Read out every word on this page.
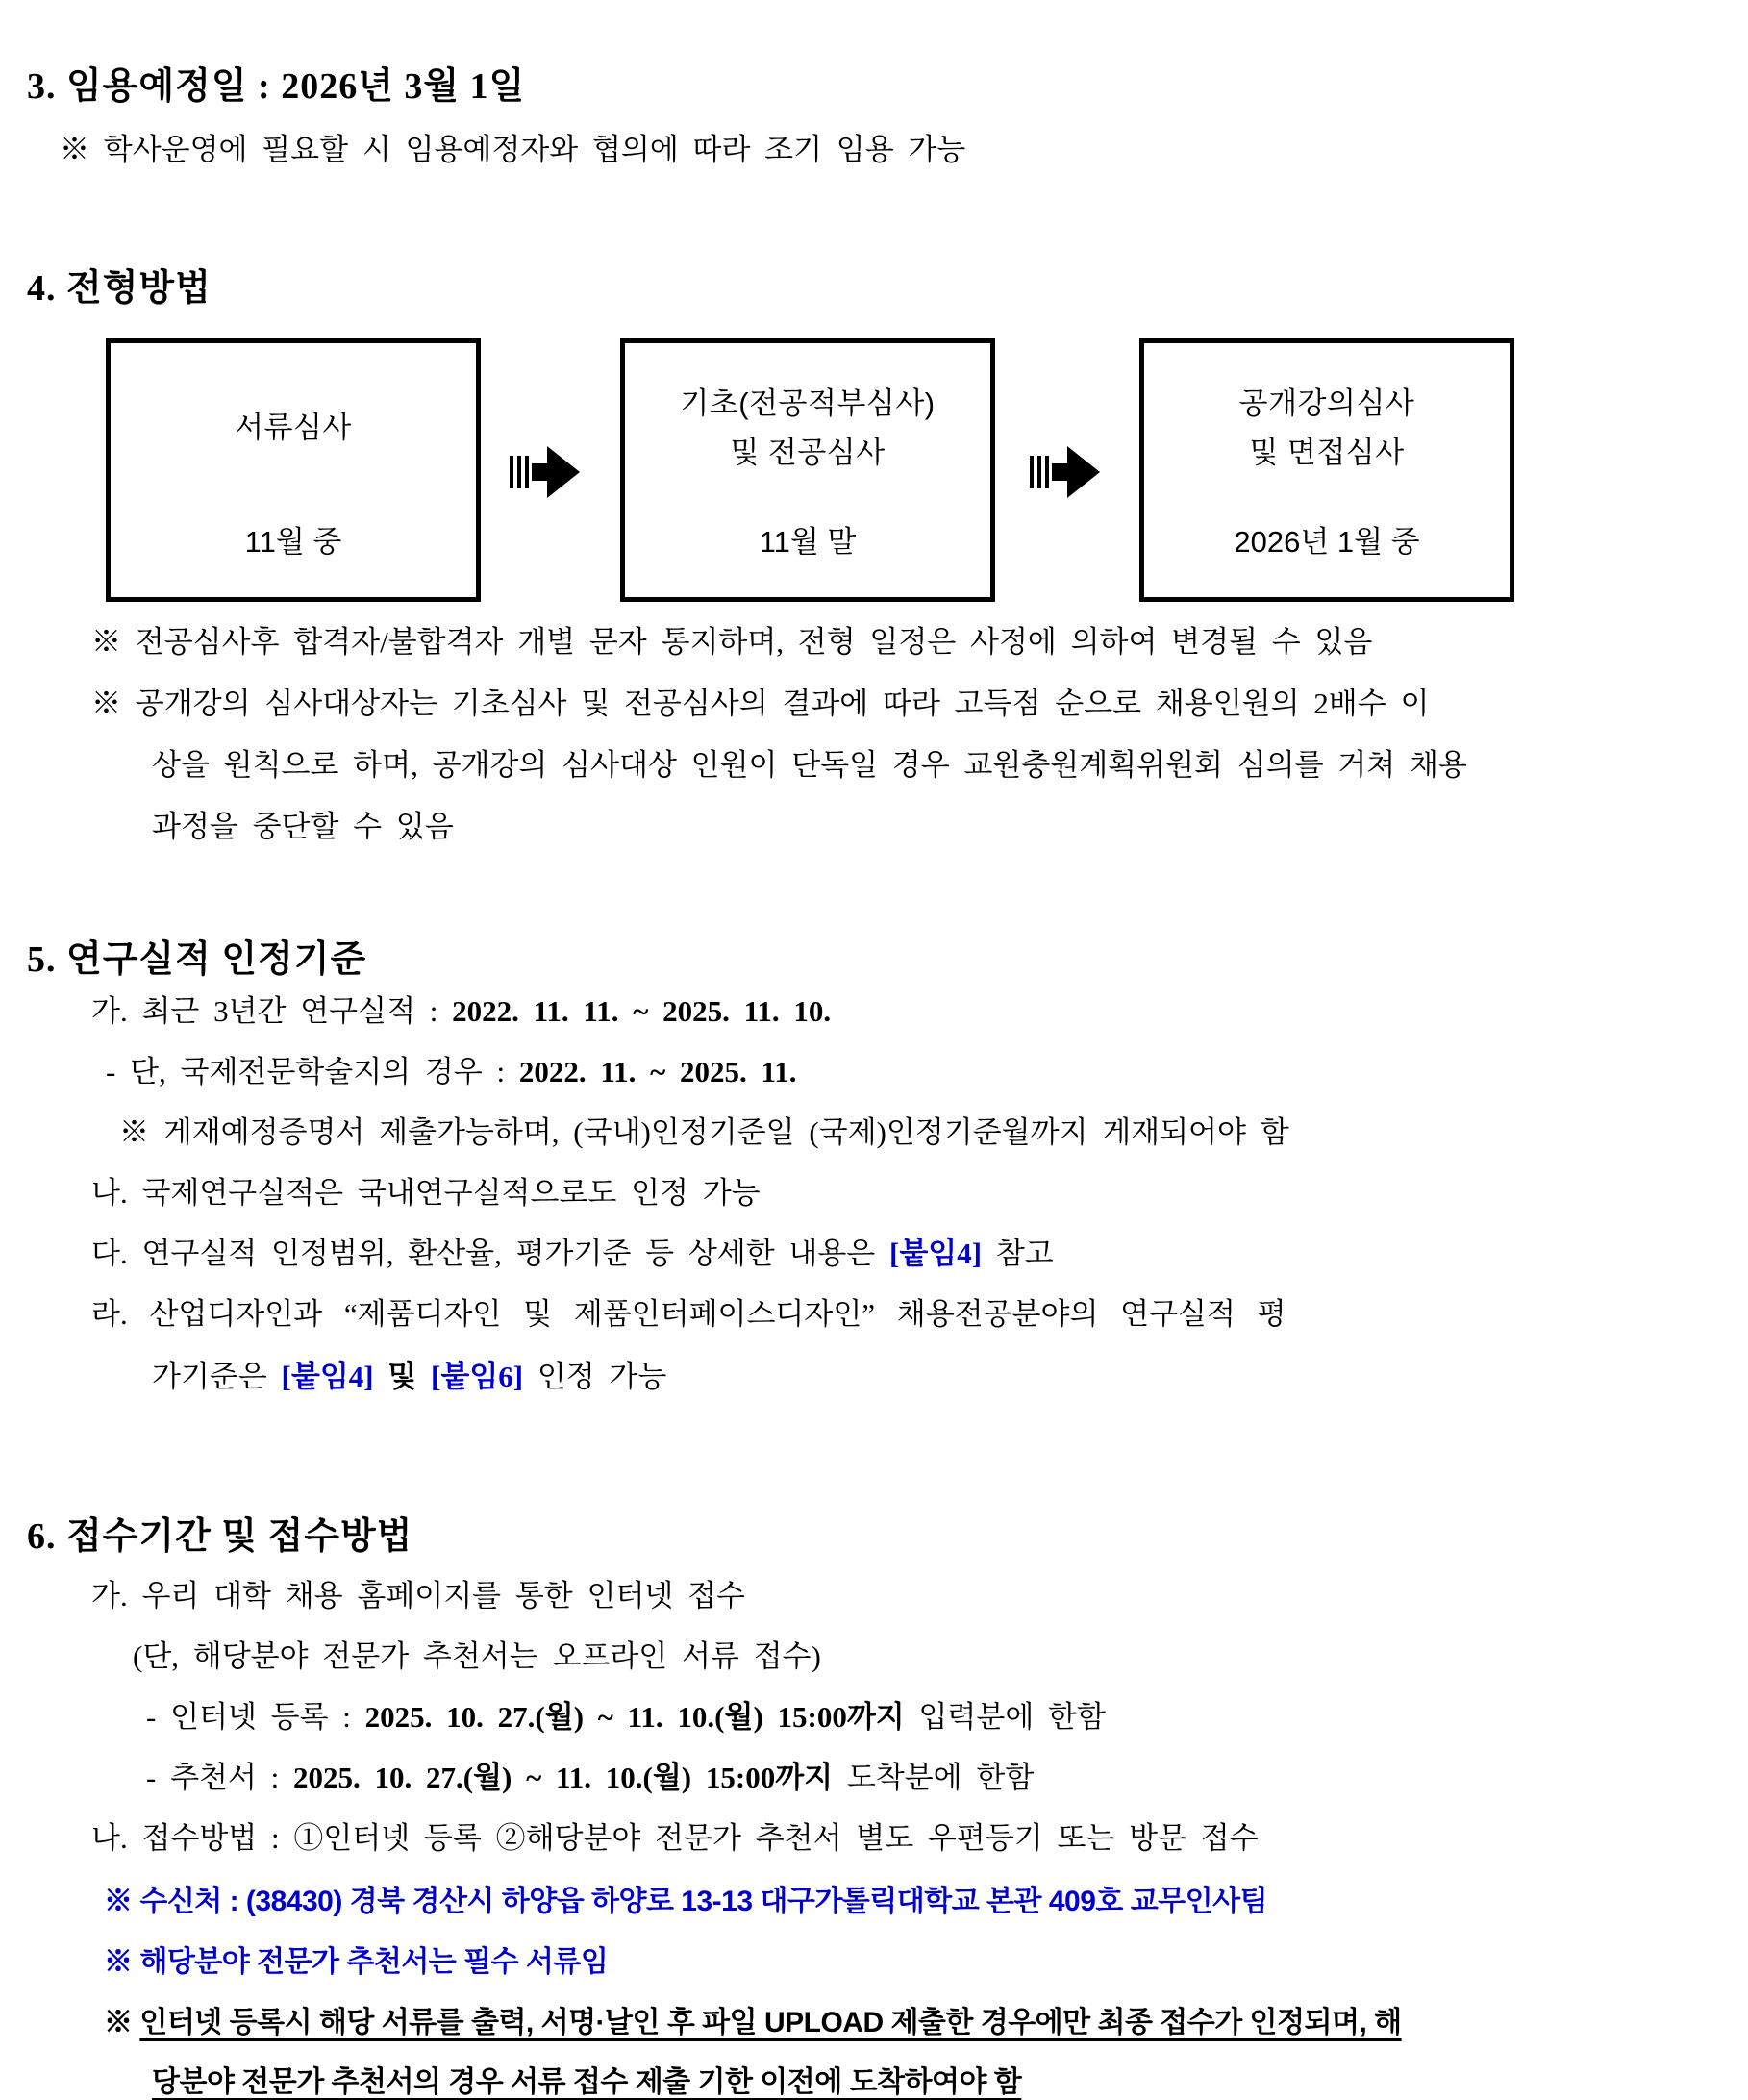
3. 임용예정일 : 2026년 3월 1일
※ 학사운영에 필요할 시 임용예정자와 협의에 따라 조기 임용 가능
4. 전형방법
서류심사
11월 중
기초(전공적부심사)
및 전공심사
11월 말
공개강의심사
및 면접심사
2026년 1월 중
※ 전공심사후 합격자/불합격자 개별 문자 통지하며, 전형 일정은 사정에 의하여 변경될 수 있음
※ 공개강의 심사대상자는 기초심사 및 전공심사의 결과에 따라 고득점 순으로 채용인원의 2배수 이
상을 원칙으로 하며, 공개강의 심사대상 인원이 단독일 경우 교원충원계획위원회 심의를 거쳐 채용
과정을 중단할 수 있음
5. 연구실적 인정기준
가. 최근 3년간 연구실적 : 2022. 11. 11. ~ 2025. 11. 10.
- 단, 국제전문학술지의 경우 : 2022. 11. ~ 2025. 11.
※ 게재예정증명서 제출가능하며, (국내)인정기준일 (국제)인정기준월까지 게재되어야 함
나. 국제연구실적은 국내연구실적으로도 인정 가능
다. 연구실적 인정범위, 환산율, 평가기준 등 상세한 내용은 [붙임4] 참고
라. 산업디자인과 “제품디자인 및 제품인터페이스디자인” 채용전공분야의 연구실적 평
가기준은 [붙임4] 및 [붙임6] 인정 가능
6. 접수기간 및 접수방법
가. 우리 대학 채용 홈페이지를 통한 인터넷 접수
(단, 해당분야 전문가 추천서는 오프라인 서류 접수)
- 인터넷 등록 : 2025. 10. 27.(월) ~ 11. 10.(월) 15:00까지 입력분에 한함
- 추천서 : 2025. 10. 27.(월) ~ 11. 10.(월) 15:00까지 도착분에 한함
나. 접수방법 : ①인터넷 등록 ②해당분야 전문가 추천서 별도 우편등기 또는 방문 접수
※ 수신처 : (38430) 경북 경산시 하양읍 하양로 13-13 대구가톨릭대학교 본관 409호 교무인사팀
※ 해당분야 전문가 추천서는 필수 서류임
※ 인터넷 등록시 해당 서류를 출력, 서명·날인 후 파일 UPLOAD 제출한 경우에만 최종 접수가 인정되며, 해
당분야 전문가 추천서의 경우 서류 접수 제출 기한 이전에 도착하여야 함
